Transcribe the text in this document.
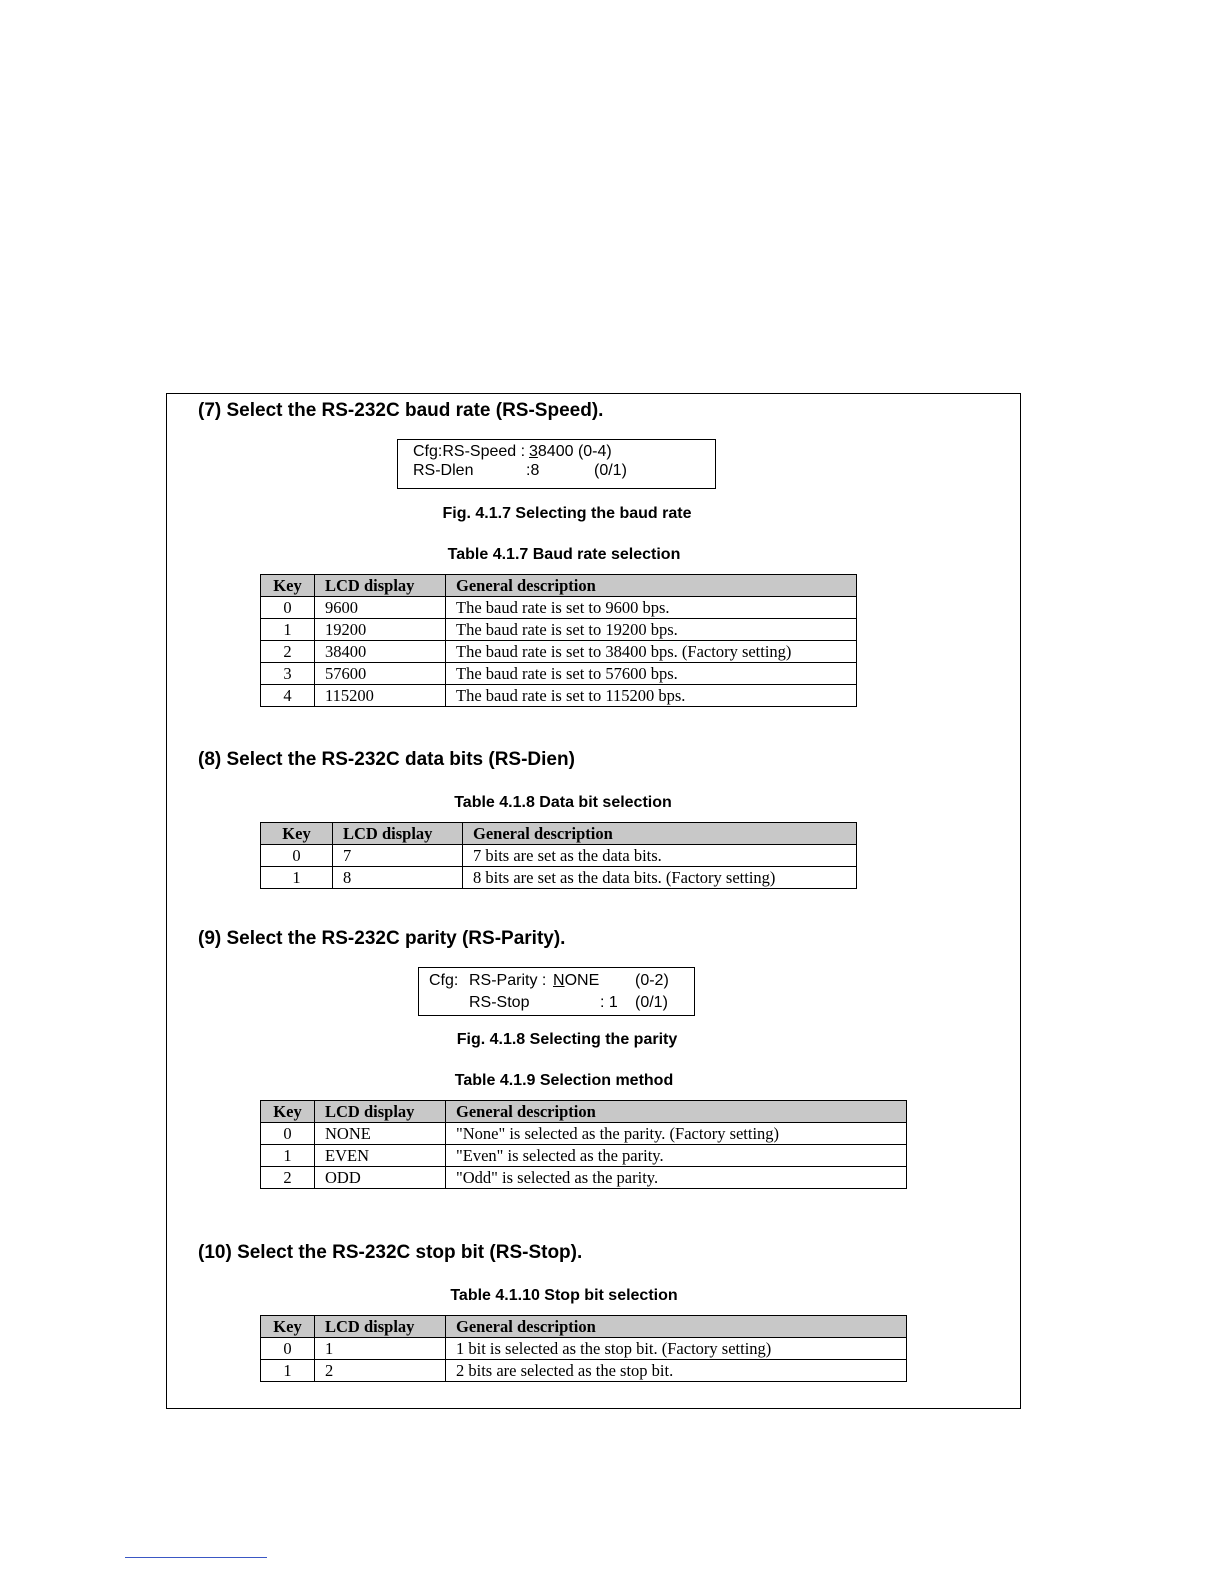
(7) Select the RS-232C baud rate (RS-Speed).
Cfg:RS-Speed : 38400 (0-4)
RS-Dlen	:8	(0/1)
Fig. 4.1.7 Selecting the baud rate
Table 4.1.7 Baud rate selection
Key	LCD display	General description
0	9600	The baud rate is set to 9600 bps.
1	19200	The baud rate is set to 19200 bps.
2	38400	The baud rate is set to 38400 bps. (Factory setting)
3	57600	The baud rate is set to 57600 bps.
4	115200	The baud rate is set to 115200 bps.
(8) Select the RS-232C data bits (RS-Dien)
Table 4.1.8 Data bit selection
Key	LCD display	General description
0	7	7 bits are set as the data bits.
1	8	8 bits are set as the data bits. (Factory setting)
(9) Select the RS-232C parity (RS-Parity).
Cfg: RS-Parity : NONE (0-2)
RS-Stop	: 1 (0/1)
Fig. 4.1.8 Selecting the parity
Table 4.1.9 Selection method
Key	LCD display	General description
0	NONE	"None" is selected as the parity. (Factory setting)
1	EVEN	"Even" is selected as the parity.
2	ODD	"Odd" is selected as the parity.
(10) Select the RS-232C stop bit (RS-Stop).
Table 4.1.10 Stop bit selection
Key	LCD display	General description
0	1	1 bit is selected as the stop bit. (Factory setting)
1	2	2 bits are selected as the stop bit.
